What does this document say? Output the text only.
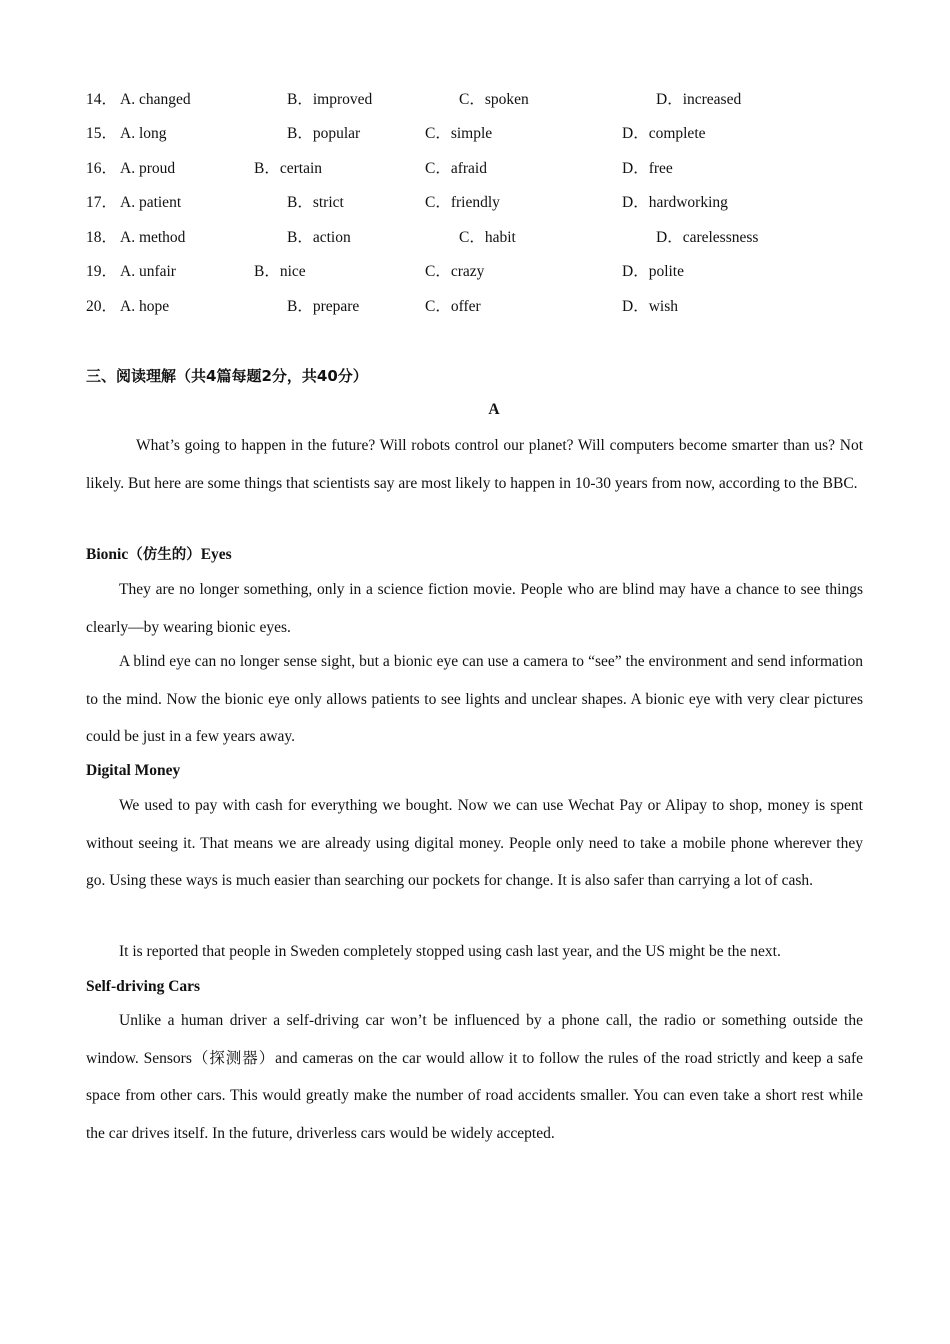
14． A. changed	B．improved	C．spoken	D．increased
15． A. long	B．popular	C．simple	D．complete
16． A. proud	B．certain	C．afraid	D．free
17． A. patient	B．strict	C．friendly	D．hardworking
18． A. method	B．action	C．habit	D．carelessness
19． A. unfair	B．nice	C．crazy	D．polite
20． A. hope	B．prepare	C．offer	D．wish
三、阅读理解（共4篇每题2分，共40分）
A

What’s going to happen in the future? Will robots control our planet? Will computers become smarter than us? Not likely. But here are some things that scientists say are most likely to happen in 10-30 years from now, according to the BBC.

Bionic（仿生的）Eyes

They are no longer something, only in a science fiction movie. People who are blind may have a chance to see things clearly—by wearing bionic eyes.

A blind eye can no longer sense sight, but a bionic eye can use a camera to “see” the environment and send information to the mind. Now the bionic eye only allows patients to see lights and unclear shapes. A bionic eye with very clear pictures could be just in a few years away.

Digital Money

We used to pay with cash for everything we bought. Now we can use Wechat Pay or Alipay to shop, money is spent without seeing it. That means we are already using digital money. People only need to take a mobile phone wherever they go. Using these ways is much easier than searching our pockets for change. It is also safer than carrying a lot of cash.

It is reported that people in Sweden completely stopped using cash last year, and the US might be the next.

Self-driving Cars

Unlike a human driver a self-driving car won’t be influenced by a phone call, the radio or something outside the window. Sensors（探测器）and cameras on the car would allow it to follow the rules of the road strictly and keep a safe space from other cars. This would greatly make the number of road accidents smaller. You can even take a short rest while the car drives itself. In the future, driverless cars would be widely accepted.
